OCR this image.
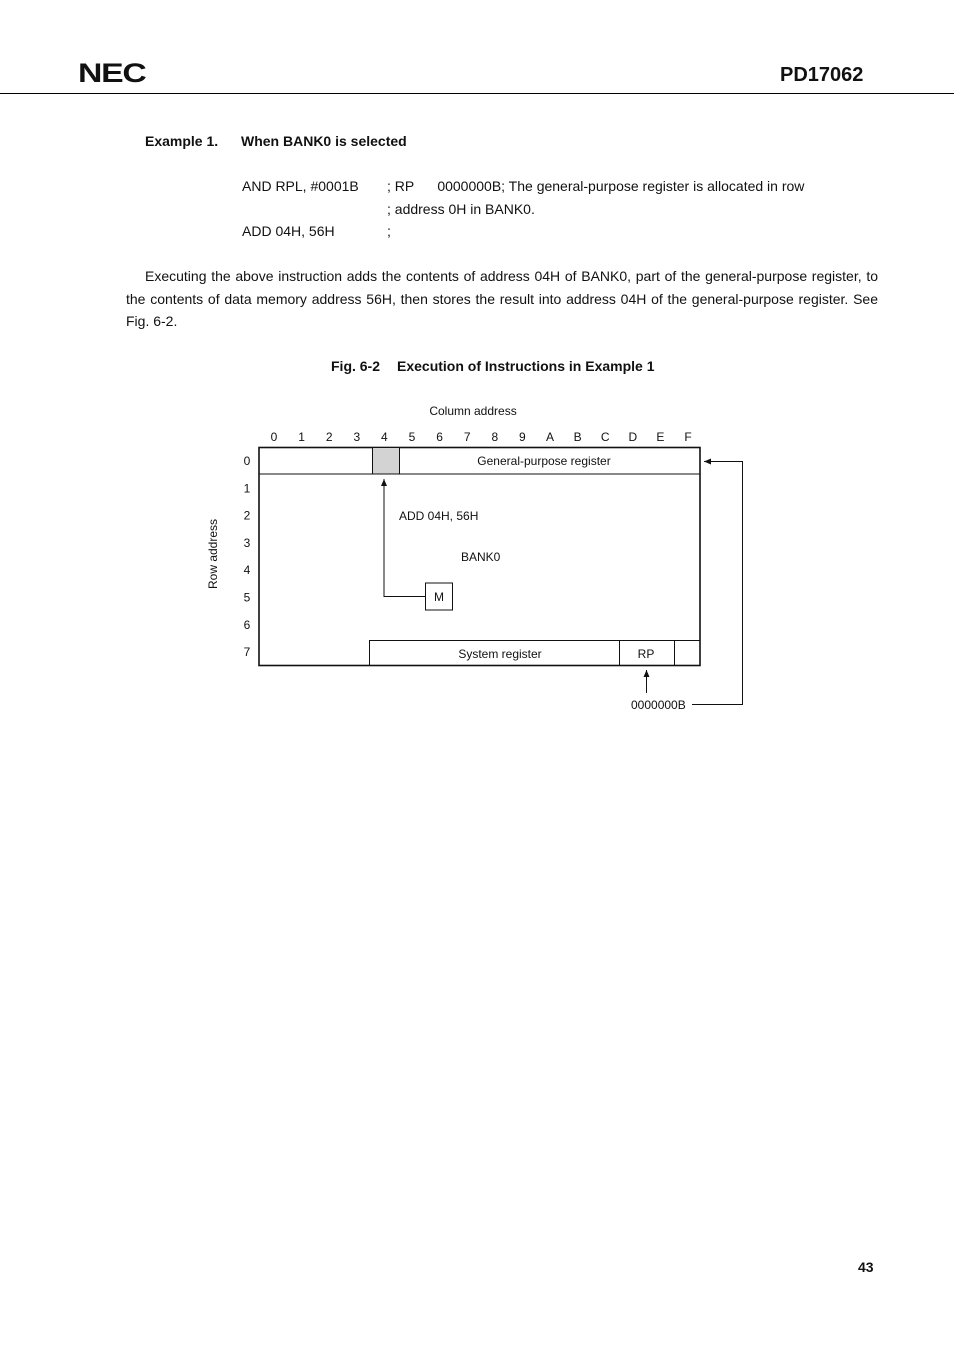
NEC	PD17062
Example 1. When BANK0 is selected
AND RPL, #0001B ; RP      0000000B; The general-purpose register is allocated in row
; address 0H in BANK0.
ADD 04H, 56H	;
Executing the above instruction adds the contents of address 04H of BANK0, part of the general-purpose register, to the contents of data memory address 56H, then stores the result into address 04H of the general-purpose register. See Fig. 6-2.
Fig. 6-2 Execution of Instructions in Example 1
Column address
0 1 2 3 4 5 6 7 8 9 A B C D E F
0
1
2
3
4
5
6
7
Row address
General-purpose register
ADD 04H, 56H
BANK0
M
System register	RP
0000000B
43
